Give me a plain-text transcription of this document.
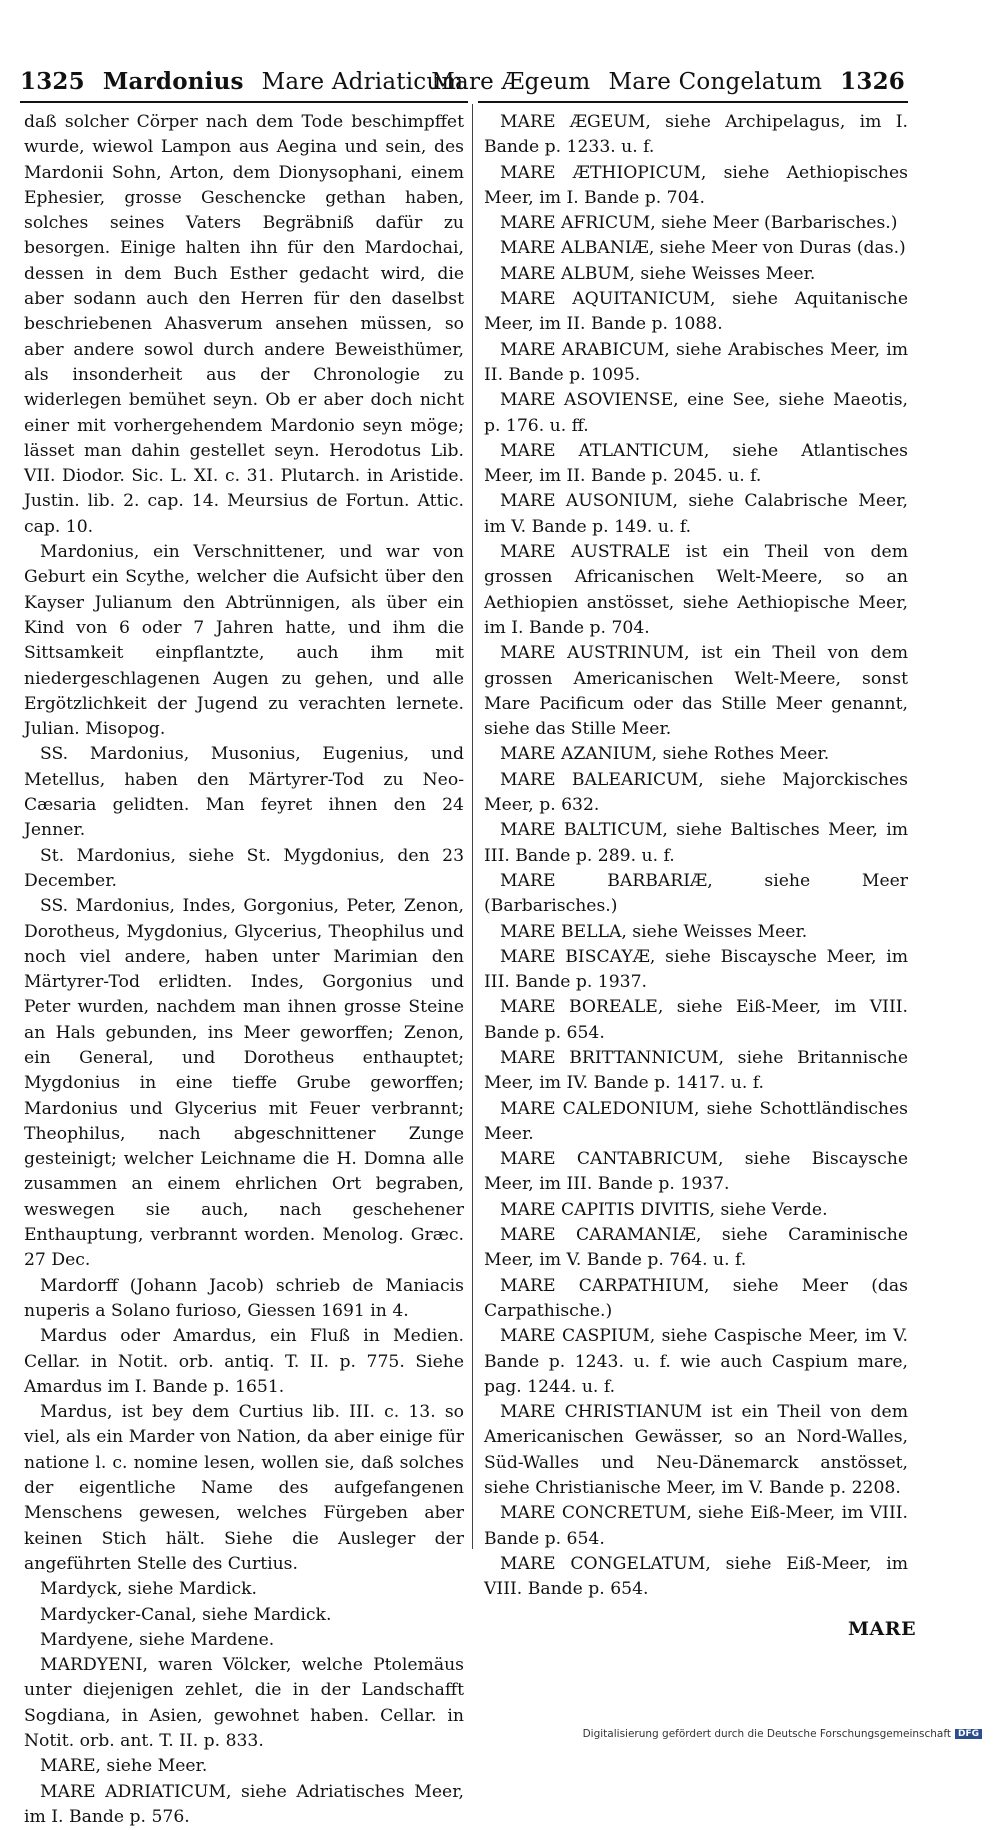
1325 Mardonius Mare Adriaticum
Mare Ægeum Mare Congelatum 1326

daß solcher Cörper nach dem Tode beschimpffet wurde, wiewol Lampon aus Aegina und sein, des Mardonii Sohn, Arton, dem Dionysophani, einem Ephesier, grosse Geschencke gethan haben, solches seines Vaters Begräbniß dafür zu besorgen. Einige halten ihn für den Mardochai, dessen in dem Buch Esther gedacht wird, die aber sodann auch den Herren für den daselbst beschriebenen Ahasverum ansehen müssen, so aber andere sowol durch andere Beweisthümer, als insonderheit aus der Chronologie zu widerlegen bemühet seyn. Ob er aber doch nicht einer mit vorhergehendem Mardonio seyn möge; lässet man dahin gestellet seyn. Herodotus Lib. VII. Diodor. Sic. L. XI. c. 31. Plutarch. in Aristide. Justin. lib. 2. cap. 14. Meursius de Fortun. Attic. cap. 10.

Mardonius, ein Verschnittener, und war von Geburt ein Scythe, welcher die Aufsicht über den Kayser Julianum den Abtrünnigen, als über ein Kind von 6 oder 7 Jahren hatte, und ihm die Sittsamkeit einpflantzte, auch ihm mit niedergeschlagenen Augen zu gehen, und alle Ergötzlichkeit der Jugend zu verachten lernete. Julian. Misopog.

SS. Mardonius, Musonius, Eugenius, und Metellus, haben den Märtyrer-Tod zu Neo-Cæsaria gelidten. Man feyret ihnen den 24 Jenner.

St. Mardonius, siehe St. Mygdonius, den 23 December.

SS. Mardonius, Indes, Gorgonius, Peter, Zenon, Dorotheus, Mygdonius, Glycerius, Theophilus und noch viel andere, haben unter Marimian den Märtyrer-Tod erlidten. Indes, Gorgonius und Peter wurden, nachdem man ihnen grosse Steine an Hals gebunden, ins Meer geworffen; Zenon, ein General, und Dorotheus enthauptet; Mygdonius in eine tieffe Grube geworffen; Mardonius und Glycerius mit Feuer verbrannt; Theophilus, nach abgeschnittener Zunge gesteinigt; welcher Leichname die H. Domna alle zusammen an einem ehrlichen Ort begraben, weswegen sie auch, nach geschehener Enthauptung, verbrannt worden. Menolog. Græc. 27 Dec.

Mardorff (Johann Jacob) schrieb de Maniacis nuperis a Solano furioso, Giessen 1691 in 4.

Mardus oder Amardus, ein Fluß in Medien. Cellar. in Notit. orb. antiq. T. II. p. 775. Siehe Amardus im I. Bande p. 1651.

Mardus, ist bey dem Curtius lib. III. c. 13. so viel, als ein Marder von Nation, da aber einige für natione l. c. nomine lesen, wollen sie, daß solches der eigentliche Name des aufgefangenen Menschens gewesen, welches Fürgeben aber keinen Stich hält. Siehe die Ausleger der angeführten Stelle des Curtius.

Mardyck, siehe Mardick.

Mardycker-Canal, siehe Mardick.

Mardyene, siehe Mardene.

MARDYENI, waren Völcker, welche Ptolemäus unter diejenigen zehlet, die in der Landschafft Sogdiana, in Asien, gewohnet haben. Cellar. in Notit. orb. ant. T. II. p. 833.

MARE, siehe Meer.

MARE ADRIATICUM, siehe Adriatisches Meer, im I. Bande p. 576.

MARE ÆGEUM, siehe Archipelagus, im I. Bande p. 1233. u. f.

MARE ÆTHIOPICUM, siehe Aethiopisches Meer, im I. Bande p. 704.

MARE AFRICUM, siehe Meer (Barbarisches.)

MARE ALBANIÆ, siehe Meer von Duras (das.)

MARE ALBUM, siehe Weisses Meer.

MARE AQUITANICUM, siehe Aquitanische Meer, im II. Bande p. 1088.

MARE ARABICUM, siehe Arabisches Meer, im II. Bande p. 1095.

MARE ASOVIENSE, eine See, siehe Maeotis, p. 176. u. ff.

MARE ATLANTICUM, siehe Atlantisches Meer, im II. Bande p. 2045. u. f.

MARE AUSONIUM, siehe Calabrische Meer, im V. Bande p. 149. u. f.

MARE AUSTRALE ist ein Theil von dem grossen Africanischen Welt-Meere, so an Aethiopien anstösset, siehe Aethiopische Meer, im I. Bande p. 704.

MARE AUSTRINUM, ist ein Theil von dem grossen Americanischen Welt-Meere, sonst Mare Pacificum oder das Stille Meer genannt, siehe das Stille Meer.

MARE AZANIUM, siehe Rothes Meer.

MARE BALEARICUM, siehe Majorckisches Meer, p. 632.

MARE BALTICUM, siehe Baltisches Meer, im III. Bande p. 289. u. f.

MARE BARBARIÆ, siehe Meer (Barbarisches.)

MARE BELLA, siehe Weisses Meer.

MARE BISCAYÆ, siehe Biscaysche Meer, im III. Bande p. 1937.

MARE BOREALE, siehe Eiß-Meer, im VIII. Bande p. 654.

MARE BRITTANNICUM, siehe Britannische Meer, im IV. Bande p. 1417. u. f.

MARE CALEDONIUM, siehe Schottländisches Meer.

MARE CANTABRICUM, siehe Biscaysche Meer, im III. Bande p. 1937.

MARE CAPITIS DIVITIS, siehe Verde.

MARE CARAMANIÆ, siehe Caraminische Meer, im V. Bande p. 764. u. f.

MARE CARPATHIUM, siehe Meer (das Carpathische.)

MARE CASPIUM, siehe Caspische Meer, im V. Bande p. 1243. u. f. wie auch Caspium mare, pag. 1244. u. f.

MARE CHRISTIANUM ist ein Theil von dem Americanischen Gewässer, so an Nord-Walles, Süd-Walles und Neu-Dänemarck anstösset, siehe Christianische Meer, im V. Bande p. 2208.

MARE CONCRETUM, siehe Eiß-Meer, im VIII. Bande p. 654.

MARE CONGELATUM, siehe Eiß-Meer, im VIII. Bande p. 654.

MARE
Digitalisierung gefördert durch die Deutsche Forschungsgemeinschaft DFG
